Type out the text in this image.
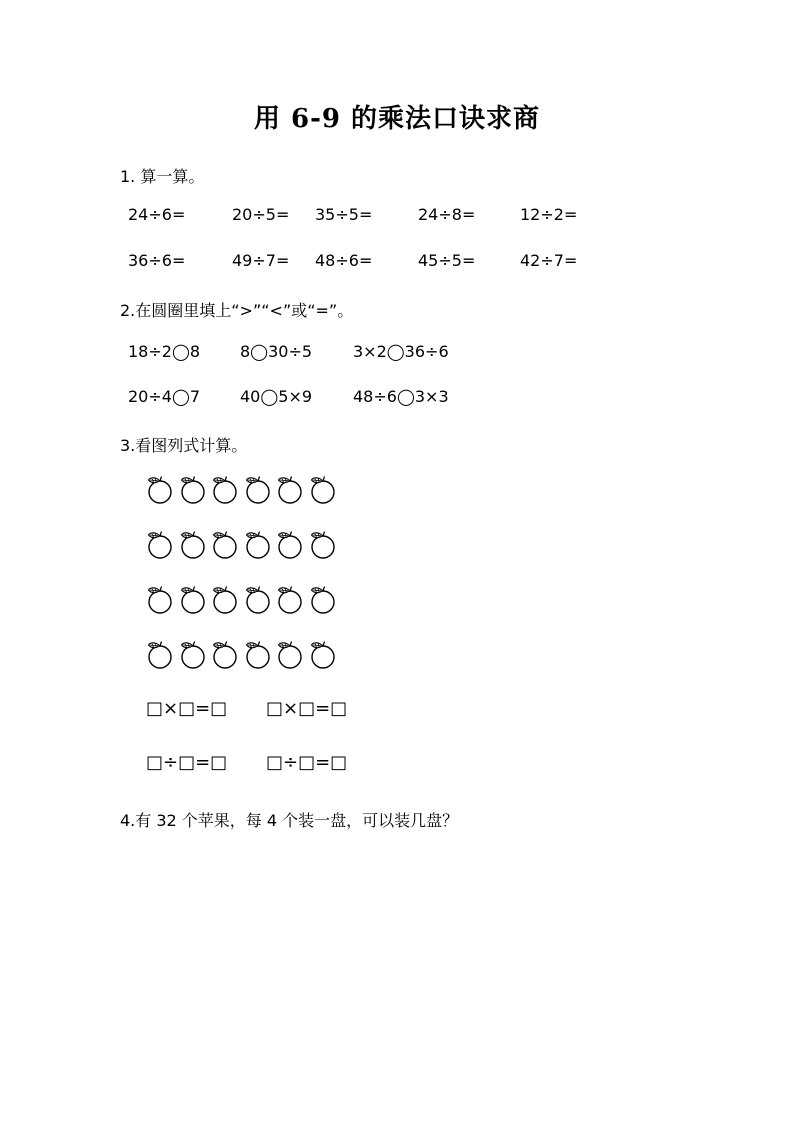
用 6-9 的乘法口诀求商
1. 算一算。
24÷6=	20÷5= 35÷5=	24÷8=	12÷2=
36÷6=	49÷7= 48÷6=	45÷5=	42÷7=
2.在圆圈里填上“>”“<”或“=”。
18÷2◯8 8◯30÷5	3×2◯36÷6
20÷4◯7 40◯5×9	48÷6◯3×3
3.看图列式计算。
□×□=□ □×□=□
□÷□=□ □÷□=□
4.有 32 个苹果，每 4 个装一盘，可以装几盘？
